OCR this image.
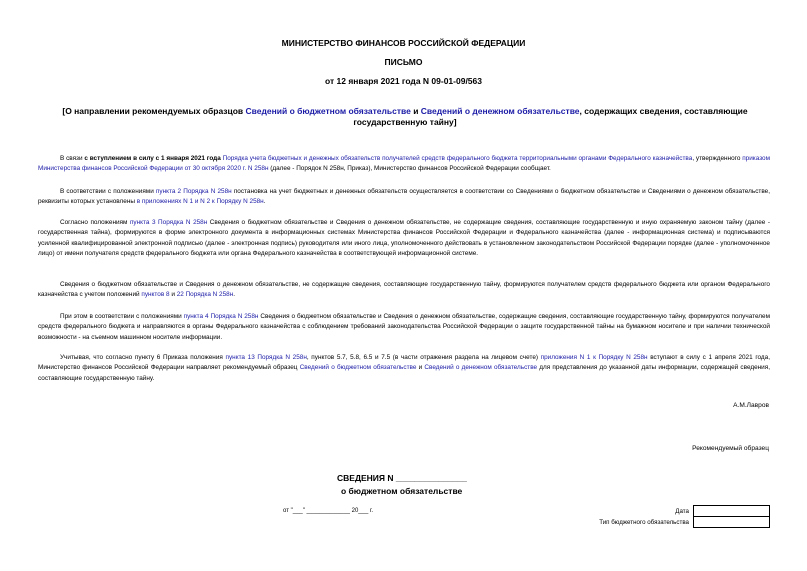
МИНИСТЕРСТВО ФИНАНСОВ РОССИЙСКОЙ ФЕДЕРАЦИИ
ПИСЬМО
от 12 января 2021 года N 09-01-09/563
[О направлении рекомендуемых образцов Сведений о бюджетном обязательстве и Сведений о денежном обязательстве, содержащих сведения, составляющие государственную тайну]
В связи с вступлением в силу с 1 января 2021 года Порядка учета бюджетных и денежных обязательств получателей средств федерального бюджета территориальными органами Федерального казначейства, утвержденного приказом Министерства финансов Российской Федерации от 30 октября 2020 г. N 258н (далее - Порядок N 258н, Приказ), Министерство финансов Российской Федерации сообщает.
В соответствии с положениями пункта 2 Порядка N 258н постановка на учет бюджетных и денежных обязательств осуществляется в соответствии со Сведениями о бюджетном обязательстве и Сведениями о денежном обязательстве, реквизиты которых установлены в приложениях N 1 и N 2 к Порядку N 258н.
Согласно положениям пункта 3 Порядка N 258н Сведения о бюджетном обязательстве и Сведения о денежном обязательстве, не содержащие сведения, составляющие государственную и иную охраняемую законом тайну (далее - государственная тайна), формируются в форме электронного документа в информационных системах Министерства финансов Российской Федерации и Федерального казначейства (далее - информационная система) и подписываются усиленной квалифицированной электронной подписью (далее - электронная подпись) руководителя или иного лица, уполномоченного действовать в установленном законодательством Российской Федерации порядке (далее - уполномоченное лицо) от имени получателя средств федерального бюджета или органа Федерального казначейства в соответствующей информационной системе.
Сведения о бюджетном обязательстве и Сведения о денежном обязательстве, не содержащие сведения, составляющие государственную тайну, формируются получателем средств федерального бюджета или органом Федерального казначейства с учетом положений пунктов 8 и 22 Порядка N 258н.
При этом в соответствии с положениями пункта 4 Порядка N 258н Сведения о бюджетном обязательстве и Сведения о денежном обязательстве, содержащие сведения, составляющие государственную тайну, формируются получателем средств федерального бюджета и направляются в органы Федерального казначейства с соблюдением требований законодательства Российской Федерации о защите государственной тайны на бумажном носителе и при наличии технической возможности - на съемном машинном носителе информации.
Учитывая, что согласно пункту 6 Приказа положения пункта 13 Порядка N 258н, пунктов 5.7, 5.8, 6.5 и 7.5 (в части отражения раздела на лицевом счете) приложения N 1 к Порядку N 258н вступают в силу с 1 апреля 2021 года, Министерство финансов Российской Федерации направляет рекомендуемый образец Сведений о бюджетном обязательстве и Сведений о денежном обязательстве для представления до указанной даты информации, содержащей сведения, составляющие государственную тайну.
А.М.Лавров
Рекомендуемый образец
СВЕДЕНИЯ N _______________
о бюджетном обязательстве
от "___" _____________ 20___ г.	Дата	
Тип бюджетного обязательства	
